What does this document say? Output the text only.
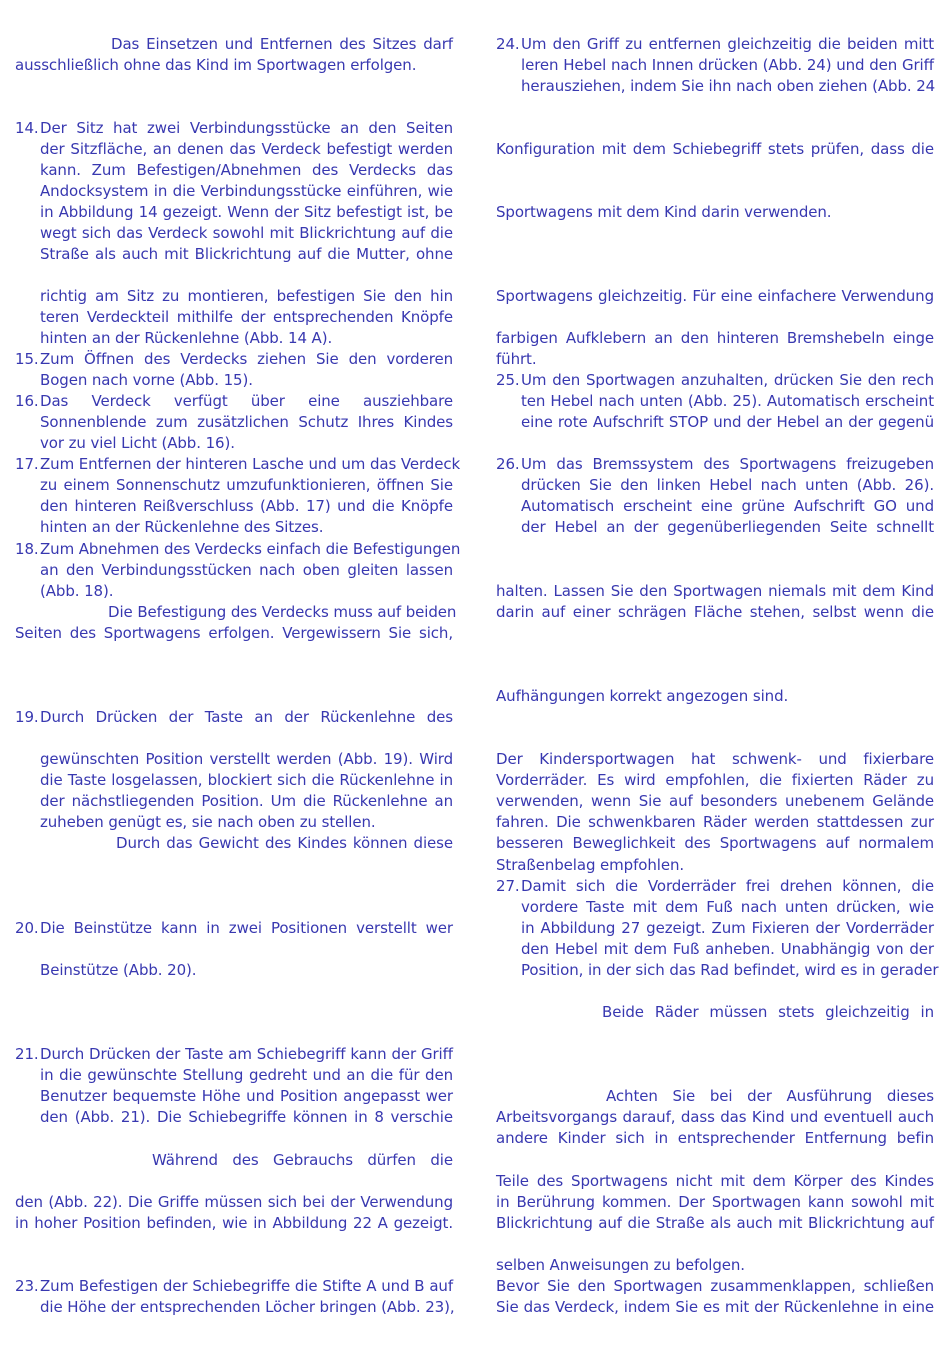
Das Einsetzen und Entfernen des Sitzes darf
ausschließlich ohne das Kind im Sportwagen erfolgen.
14. Der Sitz hat zwei Verbindungsstücke an den Seiten
der Sitzfläche, an denen das Verdeck befestigt werden
kann. Zum Befestigen/Abnehmen des Verdecks das
Andocksystem in die Verbindungsstücke einführen, wie
in Abbildung 14 gezeigt. Wenn der Sitz befestigt ist, be
wegt sich das Verdeck sowohl mit Blickrichtung auf die
Straße als auch mit Blickrichtung auf die Mutter, ohne
richtig am Sitz zu montieren, befestigen Sie den hin
teren Verdeckteil mithilfe der entsprechenden Knöpfe
hinten an der Rückenlehne (Abb. 14 A).
15. Zum Öffnen des Verdecks ziehen Sie den vorderen
Bogen nach vorne (Abb. 15).
16. Das Verdeck verfügt über eine ausziehbare
Sonnenblende zum zusätzlichen Schutz Ihres Kindes
vor zu viel Licht (Abb. 16).
17. Zum Entfernen der hinteren Lasche und um das Verdeck
zu einem Sonnenschutz umzufunktionieren, öffnen Sie
den hinteren Reißverschluss (Abb. 17) und die Knöpfe
hinten an der Rückenlehne des Sitzes.
18. Zum Abnehmen des Verdecks einfach die Befestigungen
an den Verbindungsstücken nach oben gleiten lassen
(Abb. 18).
Die Befestigung des Verdecks muss auf beiden
Seiten des Sportwagens erfolgen. Vergewissern Sie sich,
19. Durch Drücken der Taste an der Rückenlehne des
gewünschten Position verstellt werden (Abb. 19). Wird
die Taste losgelassen, blockiert sich die Rückenlehne in
der nächstliegenden Position. Um die Rückenlehne an
zuheben genügt es, sie nach oben zu stellen.
Durch das Gewicht des Kindes können diese
20. Die Beinstütze kann in zwei Positionen verstellt wer
Beinstütze (Abb. 20).
21. Durch Drücken der Taste am Schiebegriff kann der Griff
in die gewünschte Stellung gedreht und an die für den
Benutzer bequemste Höhe und Position angepasst wer
den (Abb. 21). Die Schiebegriffe können in 8 verschie
Während des Gebrauchs dürfen die
den (Abb. 22). Die Griffe müssen sich bei der Verwendung
in hoher Position befinden, wie in Abbildung 22 A gezeigt.
23. Zum Befestigen der Schiebegriffe die Stifte A und B auf
die Höhe der entsprechenden Löcher bringen (Abb. 23),
24. Um den Griff zu entfernen gleichzeitig die beiden mitt
leren Hebel nach Innen drücken (Abb. 24) und den Griff
herausziehen, indem Sie ihn nach oben ziehen (Abb. 24
Konfiguration mit dem Schiebegriff stets prüfen, dass die
Sportwagens mit dem Kind darin verwenden.
Sportwagens gleichzeitig. Für eine einfachere Verwendung
farbigen Aufklebern an den hinteren Bremshebeln einge
führt.
25. Um den Sportwagen anzuhalten, drücken Sie den rech
ten Hebel nach unten (Abb. 25). Automatisch erscheint
eine rote Aufschrift STOP und der Hebel an der gegenü
26. Um das Bremssystem des Sportwagens freizugeben
drücken Sie den linken Hebel nach unten (Abb. 26).
Automatisch erscheint eine grüne Aufschrift GO und
der Hebel an der gegenüberliegenden Seite schnellt
halten. Lassen Sie den Sportwagen niemals mit dem Kind
darin auf einer schrägen Fläche stehen, selbst wenn die
Aufhängungen korrekt angezogen sind.
Der Kindersportwagen hat schwenk- und fixierbare
Vorderräder. Es wird empfohlen, die fixierten Räder zu
verwenden, wenn Sie auf besonders unebenem Gelände
fahren. Die schwenkbaren Räder werden stattdessen zur
besseren Beweglichkeit des Sportwagens auf normalem
Straßenbelag empfohlen.
27. Damit sich die Vorderräder frei drehen können, die
vordere Taste mit dem Fuß nach unten drücken, wie
in Abbildung 27 gezeigt. Zum Fixieren der Vorderräder
den Hebel mit dem Fuß anheben. Unabhängig von der
Position, in der sich das Rad befindet, wird es in gerader
Beide Räder müssen stets gleichzeitig in
Achten Sie bei der Ausführung dieses
Arbeitsvorgangs darauf, dass das Kind und eventuell auch
andere Kinder sich in entsprechender Entfernung befin
Teile des Sportwagens nicht mit dem Körper des Kindes
in Berührung kommen. Der Sportwagen kann sowohl mit
Blickrichtung auf die Straße als auch mit Blickrichtung auf
selben Anweisungen zu befolgen.
Bevor Sie den Sportwagen zusammenklappen, schließen
Sie das Verdeck, indem Sie es mit der Rückenlehne in eine
